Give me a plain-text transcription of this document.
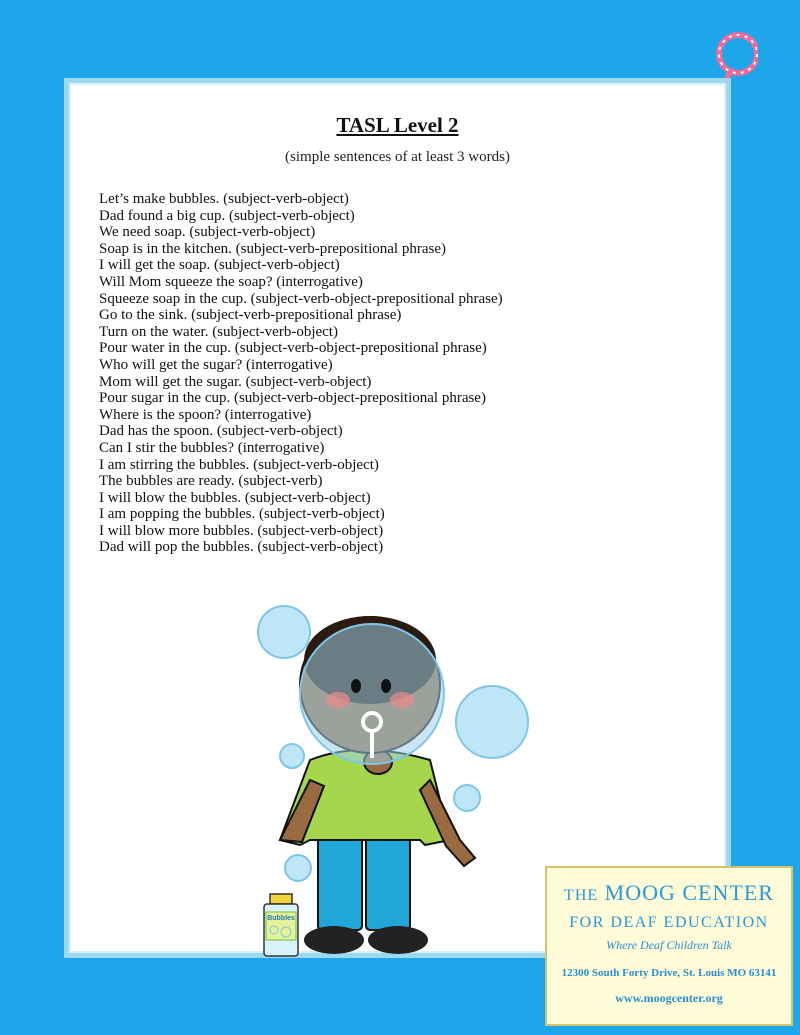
TASL Level 2
(simple sentences of at least 3 words)
Let’s make bubbles. (subject-verb-object)
Dad found a big cup. (subject-verb-object)
We need soap. (subject-verb-object)
Soap is in the kitchen. (subject-verb-prepositional phrase)
I will get the soap. (subject-verb-object)
Will Mom squeeze the soap? (interrogative)
Squeeze soap in the cup. (subject-verb-object-prepositional phrase)
Go to the sink. (subject-verb-prepositional phrase)
Turn on the water. (subject-verb-object)
Pour water in the cup. (subject-verb-object-prepositional phrase)
Who will get the sugar? (interrogative)
Mom will get the sugar. (subject-verb-object)
Pour sugar in the cup. (subject-verb-object-prepositional phrase)
Where is the spoon? (interrogative)
Dad has the spoon. (subject-verb-object)
Can I stir the bubbles? (interrogative)
I am stirring the bubbles. (subject-verb-object)
The bubbles are ready. (subject-verb)
I will blow the bubbles. (subject-verb-object)
I am popping the bubbles. (subject-verb-object)
I will blow more bubbles. (subject-verb-object)
Dad will pop the bubbles. (subject-verb-object)
Bubbles
THE MOOG CENTER
FOR DEAF EDUCATION
Where Deaf Children Talk
12300 South Forty Drive, St. Louis MO 63141
www.moogcenter.org
